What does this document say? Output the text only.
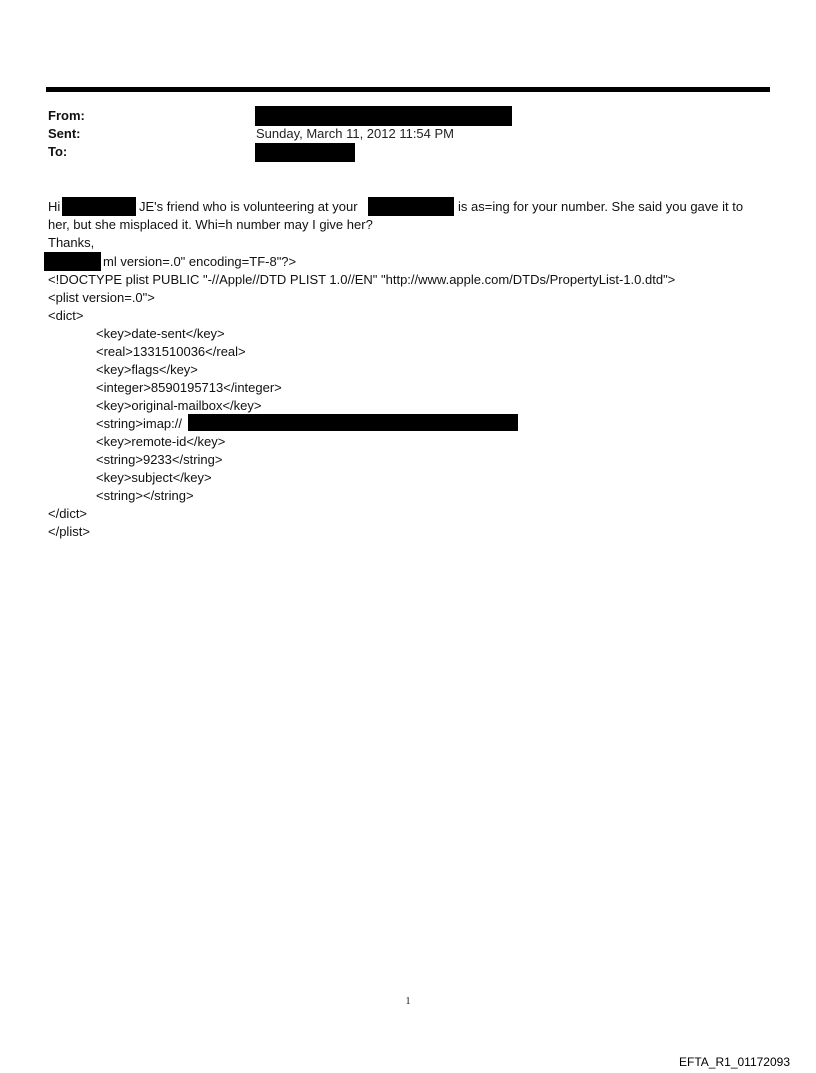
From:
Sent:	Sunday, March 11, 2012 11:54 PM
To:
Hi	JE's friend who is volunteering at your	is as=ing for your number. She said you gave it to
her, but she misplaced it. Whi=h number may I give her?
Thanks,
ml version=.0" encoding=TF-8"?>
<!DOCTYPE plist PUBLIC "-//Apple//DTD PLIST 1.0//EN" "http://www.apple.com/DTDs/PropertyList-1.0.dtd">
<plist version=.0">
<dict>
<key>date-sent</key>
<real>1331510036</real>
<key>flags</key>
<integer>8590195713</integer>
<key>original-mailbox</key>
<string>imap://
<key>remote-id</key>
<string>9233</string>
<key>subject</key>
<string></string>
</dict>
</plist>
1
EFTA_R1_01172093
